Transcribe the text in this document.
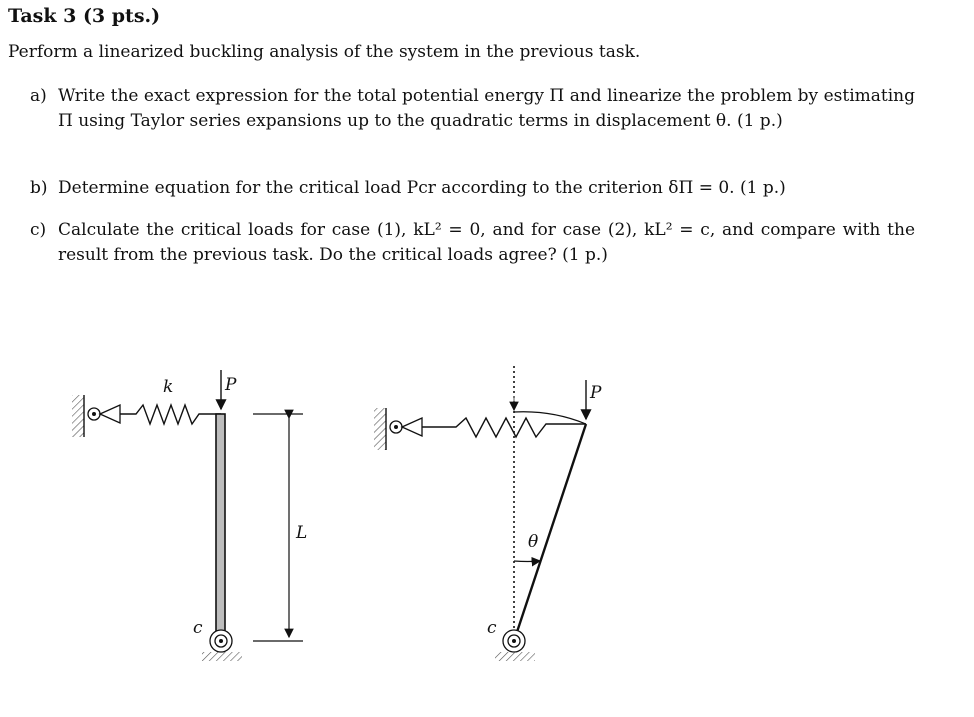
Task 3 (3 pts.)
Perform a linearized buckling analysis of the system in the previous task.
a) Write the exact expression for the total potential energy Π and linearize the problem by estimating Π using Taylor series expansions up to the quadratic terms in displacement θ. (1 p.)
b) Determine equation for the critical load Pcr according to the criterion δΠ = 0. (1 p.)
c) Calculate the critical loads for case (1), kL² = 0, and for case (2), kL² = c, and compare with the result from the previous task. Do the critical loads agree? (1 p.)
k	P
c
L
P
θ
c
